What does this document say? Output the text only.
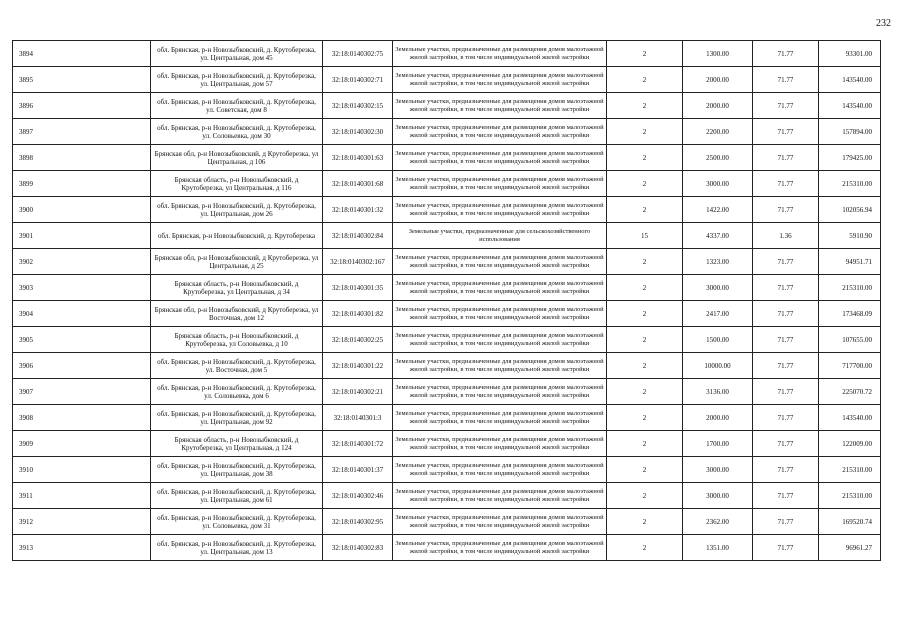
232
3894	обл. Брянская, р-н Новозыбковский, д. Крутоберезка, ул. Центральная, дом 45	32:18:0140302:75	Земельные участки, предназначенные для размещения домов малоэтажной жилой застройки, в том числе индивидуальной жилой застройки	2	1300.00	71.77	93301.00
3895	обл. Брянская, р-н Новозыбковский, д. Крутоберезка, ул. Центральная, дом 57	32:18:0140302:71	Земельные участки, предназначенные для размещения домов малоэтажной жилой застройки, в том числе индивидуальной жилой застройки	2	2000.00	71.77	143540.00
3896	обл. Брянская, р-н Новозыбковский, д. Крутоберезка, ул. Советская, дом 8	32:18:0140302:15	Земельные участки, предназначенные для размещения домов малоэтажной жилой застройки, в том числе индивидуальной жилой застройки	2	2000.00	71.77	143540.00
3897	обл. Брянская, р-н Новозыбковский, д. Крутоберезка, ул. Соловьевка, дом 30	32:18:0140302:30	Земельные участки, предназначенные для размещения домов малоэтажной жилой застройки, в том числе индивидуальной жилой застройки	2	2200.00	71.77	157894.00
3898	Брянская обл, р-н Новозыбковский, д Крутоберезка, ул Центральная, д 106	32:18:0140301:63	Земельные участки, предназначенные для размещения домов малоэтажной жилой застройки, в том числе индивидуальной жилой застройки	2	2500.00	71.77	179425.00
3899	Брянская область, р-н Новозыбковский, д Крутоберезка, ул Центральная, д 116	32:18:0140301:68	Земельные участки, предназначенные для размещения домов малоэтажной жилой застройки, в том числе индивидуальной жилой застройки	2	3000.00	71.77	215310.00
3900	обл. Брянская, р-н Новозыбковский, д. Крутоберезка, ул. Центральная, дом 26	32:18:0140301:32	Земельные участки, предназначенные для размещения домов малоэтажной жилой застройки, в том числе индивидуальной жилой застройки	2	1422.00	71.77	102056.94
3901	обл. Брянская, р-н Новозыбковский, д. Крутоберезка	32:18:0140302:84	Земельные участки, предназначенные для сельскохозяйственного использования	15	4337.00	1.36	5910.90
3902	Брянская обл, р-н Новозыбковский, д Крутоберезка, ул Центральная, д 25	32:18:0140302:167	Земельные участки, предназначенные для размещения домов малоэтажной жилой застройки, в том числе индивидуальной жилой застройки	2	1323.00	71.77	94951.71
3903	Брянская область, р-н Новозыбковский, д Крутоберезка, ул Центральная, д 34	32:18:0140301:35	Земельные участки, предназначенные для размещения домов малоэтажной жилой застройки, в том числе индивидуальной жилой застройки	2	3000.00	71.77	215310.00
3904	Брянская обл, р-н Новозыбковский, д Крутоберезка, ул Восточная, дом 12	32:18:0140301:82	Земельные участки, предназначенные для размещения домов малоэтажной жилой застройки, в том числе индивидуальной жилой застройки	2	2417.00	71.77	173468.09
3905	Брянская область, р-н Новозыбковский, д Крутоберезка, ул Соловьевка, д 10	32:18:0140302:25	Земельные участки, предназначенные для размещения домов малоэтажной жилой застройки, в том числе индивидуальной жилой застройки	2	1500.00	71.77	107655.00
3906	обл. Брянская, р-н Новозыбковский, д. Крутоберезка, ул. Восточная, дом 5	32:18:0140301:22	Земельные участки, предназначенные для размещения домов малоэтажной жилой застройки, в том числе индивидуальной жилой застройки	2	10000.00	71.77	717700.00
3907	обл. Брянская, р-н Новозыбковский, д. Крутоберезка, ул. Соловьевка, дом 6	32:18:0140302:21	Земельные участки, предназначенные для размещения домов малоэтажной жилой застройки, в том числе индивидуальной жилой застройки	2	3136.00	71.77	225070.72
3908	обл. Брянская, р-н Новозыбковский, д. Крутоберезка, ул. Центральная, дом 92	32:18:0140301:3	Земельные участки, предназначенные для размещения домов малоэтажной жилой застройки, в том числе индивидуальной жилой застройки	2	2000.00	71.77	143540.00
3909	Брянская область, р-н Новозыбковский, д Крутоберезка, ул Центральная, д 124	32:18:0140301:72	Земельные участки, предназначенные для размещения домов малоэтажной жилой застройки, в том числе индивидуальной жилой застройки	2	1700.00	71.77	122009.00
3910	обл. Брянская, р-н Новозыбковский, д. Крутоберезка, ул. Центральная, дом 38	32:18:0140301:37	Земельные участки, предназначенные для размещения домов малоэтажной жилой застройки, в том числе индивидуальной жилой застройки	2	3000.00	71.77	215310.00
3911	обл. Брянская, р-н Новозыбковский, д. Крутоберезка, ул. Центральная, дом 61	32:18:0140302:46	Земельные участки, предназначенные для размещения домов малоэтажной жилой застройки, в том числе индивидуальной жилой застройки	2	3000.00	71.77	215310.00
3912	обл. Брянская, р-н Новозыбковский, д. Крутоберезка, ул. Соловьевка, дом 31	32:18:0140302:95	Земельные участки, предназначенные для размещения домов малоэтажной жилой застройки, в том числе индивидуальной жилой застройки	2	2362.00	71.77	169520.74
3913	обл. Брянская, р-н Новозыбковский, д. Крутоберезка, ул. Центральная, дом 13	32:18:0140302:83	Земельные участки, предназначенные для размещения домов малоэтажной жилой застройки, в том числе индивидуальной жилой застройки	2	1351.00	71.77	96961.27
